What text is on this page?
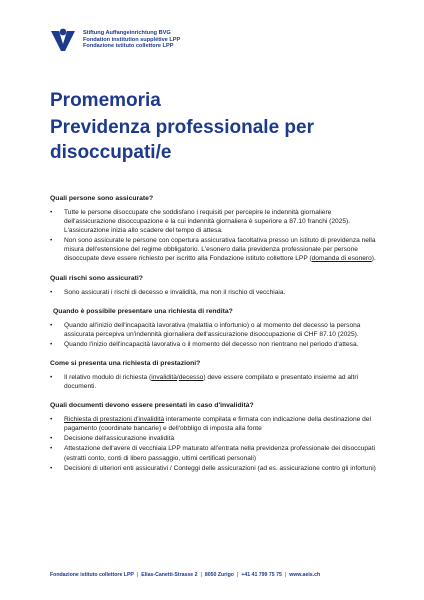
Stiftung Auffangeinrichtung BVG
Fondation institution supplétive LPP
Fondazione istituto collettore LPP
Promemoria
Previdenza professionale per disoccupati/e
Quali persone sono assicurate?
• Tutte le persone disoccupate che soddisfano i requisiti per percepire le indennità giornaliere dell'assicurazione disoccupazione e la cui indennità giornaliera è superiore a 87.10 franchi (2025). L'assicurazione inizia allo scadere del tempo di attesa.
• Non sono assicurate le persone con copertura assicurativa facoltativa presso un istituto di previdenza nella misura dell'estensione del regime obbligatorio. L'esonero dalla previdenza professionale per persone disoccupate deve essere richiesto per iscritto alla Fondazione istituto collettore LPP (domanda di esonero).
Quali rischi sono assicurati?
• Sono assicurati i rischi di decesso e invalidità, ma non il rischio di vecchiaia.
Quando è possibile presentare una richiesta di rendita?
• Quando all'inizio dell'incapacità lavorativa (malattia o infortunio) o al momento del decesso la persona assicurata percepiva un'indennità giornaliera dell'assicurazione disoccupazione di CHF 87.10 (2025).
• Quando l'inizio dell'incapacità lavorativa o il momento del decesso non rientrano nel periodo d'attesa.
Come si presenta una richiesta di prestazioni?
• Il relativo modulo di richiesta (invalidità/decesso) deve essere compilato e presentato insieme ad altri documenti.
Quali documenti devono essere presentati in caso d'invalidità?
• Richiesta di prestazioni d'invalidità interamente compilata e firmata con indicazione della destinazione del pagamento (coordinate bancarie) e dell'obbligo di imposta alla fonte
• Decisione dell'assicurazione invalidità
• Attestazione dell'avere di vecchiaia LPP maturato all'entrata nella previdenza professionale dei disoccupati (estratti conto, conti di libero passaggio, ultimi certificati personali)
• Decisioni di ulteriori enti assicurativi / Conteggi delle assicurazioni (ad es. assicurazione contro gli infortuni)
Fondazione istituto collettore LPP | Elias-Canetti-Strasse 2 | 8050 Zurigo | +41 41 799 75 75 | www.aeis.ch
